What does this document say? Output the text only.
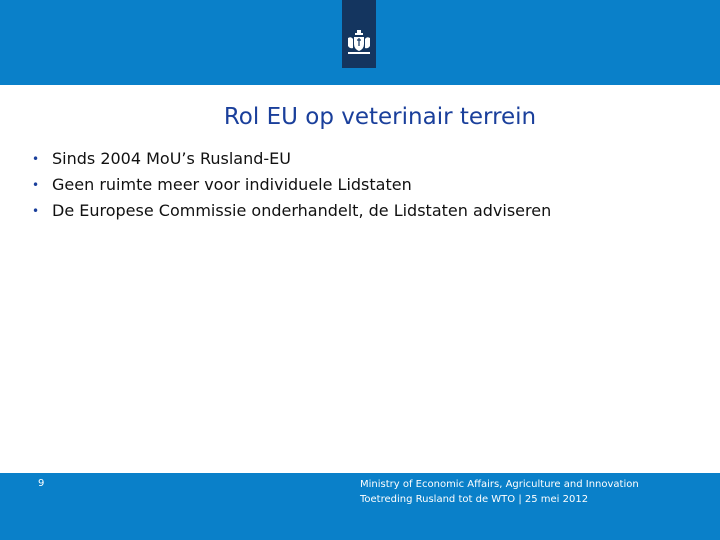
Rol EU op veterinair terrein
• Sinds 2004 MoU’s Rusland-EU
• Geen ruimte meer voor individuele Lidstaten
• De Europese Commissie onderhandelt, de Lidstaten adviseren
9	Ministry of Economic Affairs, Agriculture and Innovation
Toetreding Rusland tot de WTO | 25 mei 2012
